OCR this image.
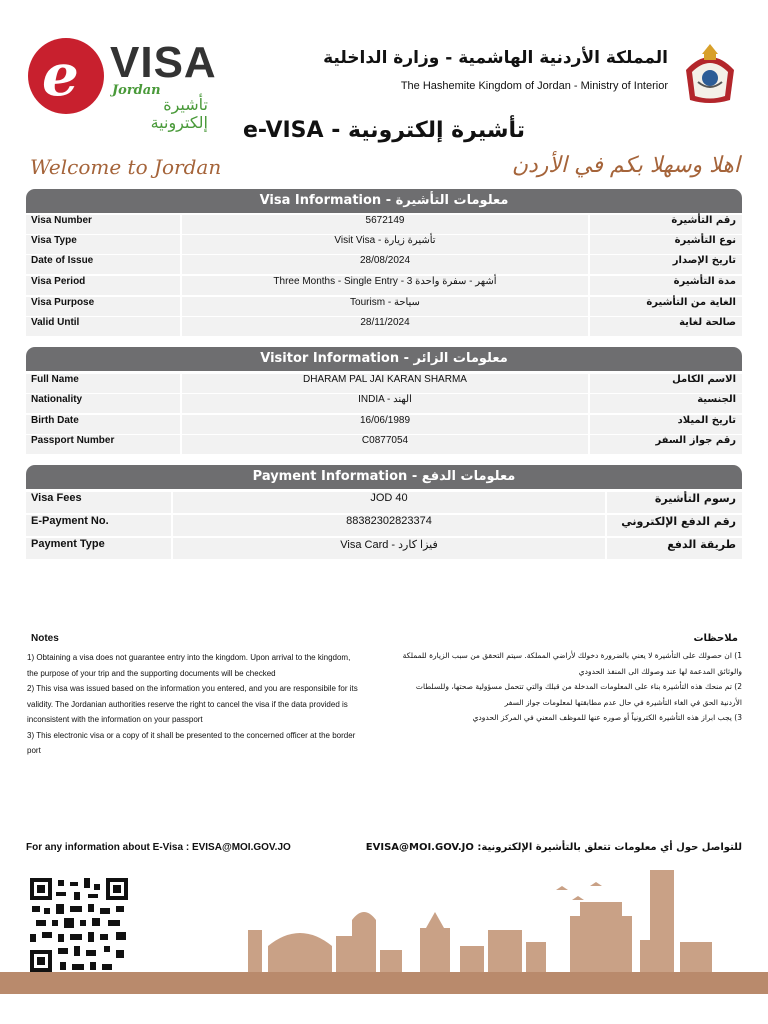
e VISA
Jordan
تأشيرة إلكترونية
المملكة الأردنية الهاشمية - وزارة الداخلية
The Hashemite Kingdom of Jordan - Ministry of Interior
e-VISA - تأشيرة إلكترونية
Welcome to Jordan	اهلا وسهلا بكم في الأردن
Visa Information - معلومات التأشيرة
Visa Number	5672149	رقم التأشيرة
Visa Type	Visit Visa - تأشيرة زيارة	نوع التأشيرة
Date of Issue	28/08/2024	تاريخ الإصدار
Visa Period	Three Months - Single Entry - 3 أشهر - سفرة واحدة	مدة التأشيرة
Visa Purpose	Tourism - سياحة	الغاية من التأشيرة
Valid Until	28/11/2024	صالحة لغاية
Visitor Information - معلومات الزائر
Full Name	DHARAM PAL JAI KARAN SHARMA	الاسم الكامل
Nationality	INDIA - الهند	الجنسية
Birth Date	16/06/1989	تاريخ الميلاد
Passport Number	C0877054	رقم جواز السفر
Payment Information - معلومات الدفع
Visa Fees	JOD 40	رسوم التأشيرة
E-Payment No.	88382302823374	رقم الدفع الإلكتروني
Payment Type	Visa Card - فيزا كارد	طريقة الدفع
Notes
1) Obtaining a visa does not guarantee entry into the kingdom. Upon arrival to the kingdom, the purpose of your trip and the supporting documents will be checked
2) This visa was issued based on the information you entered, and you are responsibile for its validity. The Jordanian authorities reserve the right to cancel the visa if the data provided is inconsistent with the information on your passport
3) This electronic visa or a copy of it shall be presented to the concerned officer at the border port
ملاحظات
1) ان حصولك على التأشيرة لا يعني بالضرورة دخولك لأراضي المملكة. سيتم التحقق من سبب الزيارة للمملكة والوثائق المدعمة لها عند وصولك الى المنفذ الحدودي
2) تم منحك هذه التأشيرة بناء على المعلومات المدخلة من قبلك والتي تتحمل مسؤولية صحتها، وللسلطات الأردنية الحق في الغاء التأشيرة في حال عدم مطابقتها لمعلومات جواز السفر
3) يجب ابراز هذه التأشيرة الكترونياً أو صوره عنها للموظف المعني في المركز الحدودي
For any information about E-Visa : EVISA@MOI.GOV.JO	للتواصل حول أي معلومات تتعلق بالتأشيرة الإلكترونية: EVISA@MOI.GOV.JO
